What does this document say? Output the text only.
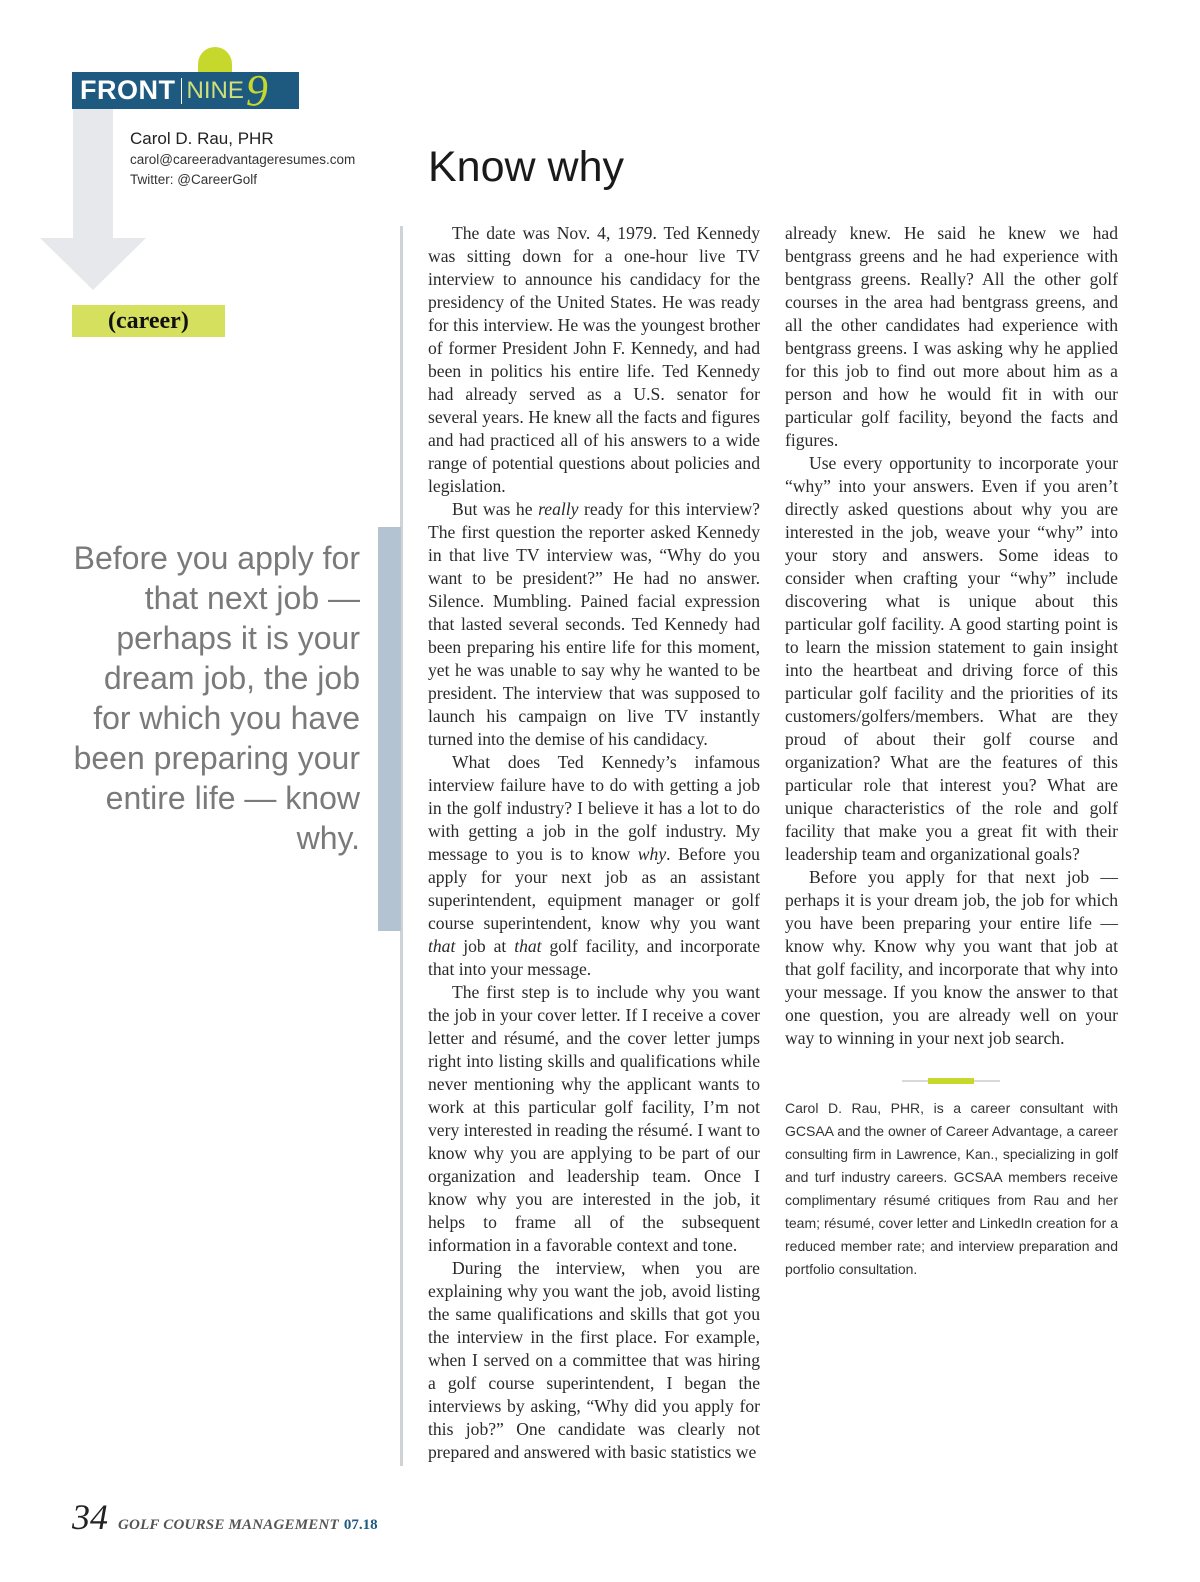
FRONT NINE 9
Carol D. Rau, PHR
carol@careeradvantageresumes.com
Twitter: @CareerGolf
(career)
Know why

Before you apply for that next job — perhaps it is your dream job, the job for which you have been preparing your entire life — know why.

The date was Nov. 4, 1979. Ted Kennedy was sitting down for a one-hour live TV interview to announce his candidacy for the presidency of the United States. He was ready for this interview. He was the youngest brother of former President John F. Kennedy, and had been in politics his entire life. Ted Kennedy had already served as a U.S. senator for several years. He knew all the facts and figures and had practiced all of his answers to a wide range of potential questions about policies and legislation.

But was he really ready for this interview? The first question the reporter asked Kennedy in that live TV interview was, “Why do you want to be president?” He had no answer. Silence. Mumbling. Pained facial expression that lasted several seconds. Ted Kennedy had been preparing his entire life for this moment, yet he was unable to say why he wanted to be president. The interview that was supposed to launch his campaign on live TV instantly turned into the demise of his candidacy.

What does Ted Kennedy’s infamous interview failure have to do with getting a job in the golf industry? I believe it has a lot to do with getting a job in the golf industry. My message to you is to know why. Before you apply for your next job as an assistant superintendent, equipment manager or golf course superintendent, know why you want that job at that golf facility, and incorporate that into your message.

The first step is to include why you want the job in your cover letter. If I receive a cover letter and résumé, and the cover letter jumps right into listing skills and qualifications while never mentioning why the applicant wants to work at this particular golf facility, I’m not very interested in reading the résumé. I want to know why you are applying to be part of our organization and leadership team. Once I know why you are interested in the job, it helps to frame all of the subsequent information in a favorable context and tone.

During the interview, when you are explaining why you want the job, avoid listing the same qualifications and skills that got you the interview in the first place. For example, when I served on a committee that was hiring a golf course superintendent, I began the interviews by asking, “Why did you apply for this job?” One candidate was clearly not prepared and answered with basic statistics we

already knew. He said he knew we had bentgrass greens and he had experience with bentgrass greens. Really? All the other golf courses in the area had bentgrass greens, and all the other candidates had experience with bentgrass greens. I was asking why he applied for this job to find out more about him as a person and how he would fit in with our particular golf facility, beyond the facts and figures.

Use every opportunity to incorporate your “why” into your answers. Even if you aren’t directly asked questions about why you are interested in the job, weave your “why” into your story and answers. Some ideas to consider when crafting your “why” include discovering what is unique about this particular golf facility. A good starting point is to learn the mission statement to gain insight into the heartbeat and driving force of this particular golf facility and the priorities of its customers/golfers/members. What are they proud of about their golf course and organization? What are the features of this particular role that interest you? What are unique characteristics of the role and golf facility that make you a great fit with their leadership team and organizational goals?

Before you apply for that next job — perhaps it is your dream job, the job for which you have been preparing your entire life — know why. Know why you want that job at that golf facility, and incorporate that why into your message. If you know the answer to that one question, you are already well on your way to winning in your next job search.

Carol D. Rau, PHR, is a career consultant with GCSAA and the owner of Career Advantage, a career consulting firm in Lawrence, Kan., specializing in golf and turf industry careers. GCSAA members receive complimentary résumé critiques from Rau and her team; résumé, cover letter and LinkedIn creation for a reduced member rate; and interview preparation and portfolio consultation.

34 GOLF COURSE MANAGEMENT 07.18
